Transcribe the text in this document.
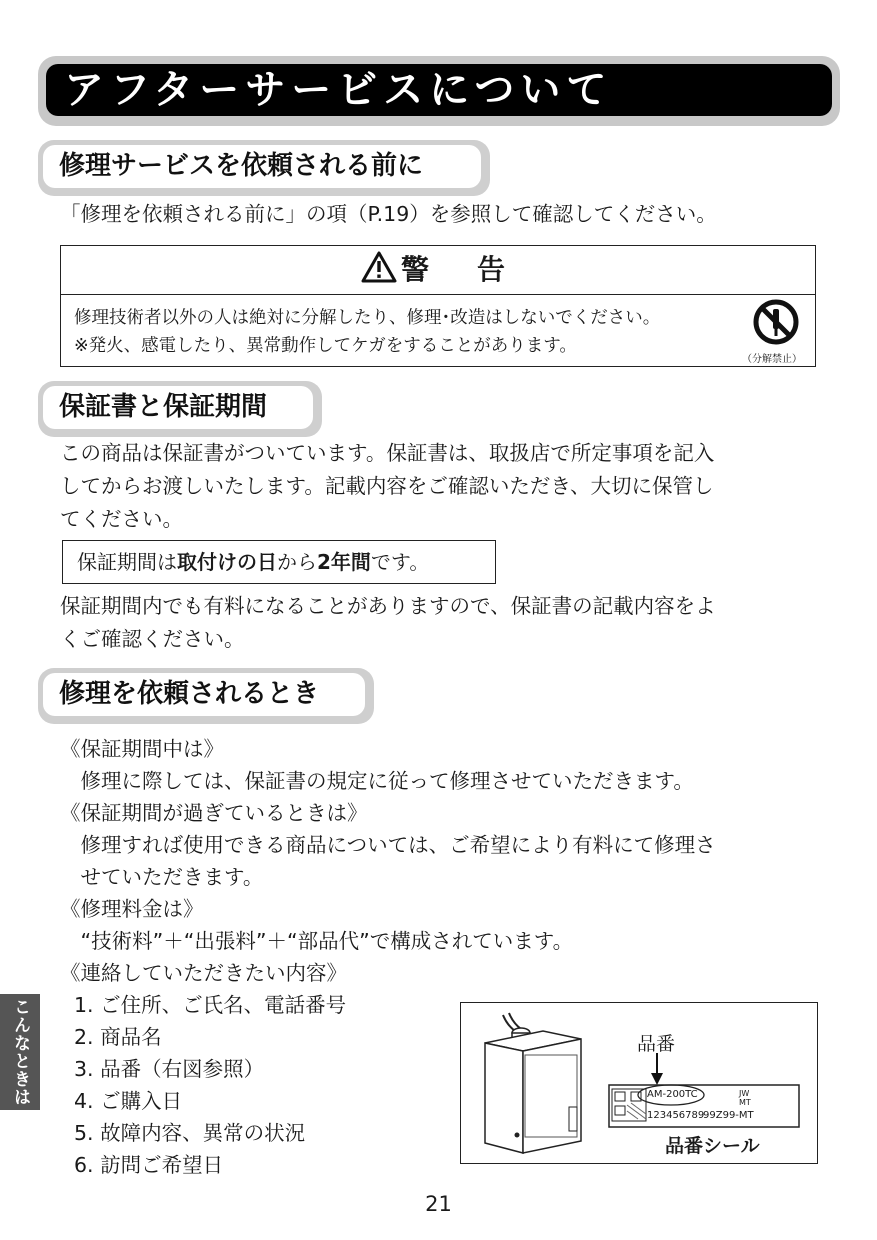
アフターサービスについて
修理サービスを依頼される前に
「修理を依頼される前に」の項（P.19）を参照して確認してください。
警　告
修理技術者以外の人は絶対に分解したり、修理･改造はしないでください。
※発火、感電したり、異常動作してケガをすることがあります。
（分解禁止）
保証書と保証期間
この商品は保証書がついています。保証書は、取扱店で所定事項を記入
してからお渡しいたします。記載内容をご確認いただき、大切に保管し
てください。
保証期間は取付けの日から2年間です。
保証期間内でも有料になることがありますので、保証書の記載内容をよ
くご確認ください。
修理を依頼されるとき
《保証期間中は》
　修理に際しては、保証書の規定に従って修理させていただきます。
《保証期間が過ぎているときは》
　修理すれば使用できる商品については、ご希望により有料にて修理さ
　せていただきます。
《修理料金は》
　“技術料”＋“出張料”＋“部品代”で構成されています。
《連絡していただきたい内容》
1. ご住所、ご氏名、電話番号
2. 商品名
3. 品番（右図参照）
4. ご購入日
5. 故障内容、異常の状況
6. 訪問ご希望日
品番
AM-200TC	JW
MT
123456789
99Z99-MT
品番シール
こんなときは
21
